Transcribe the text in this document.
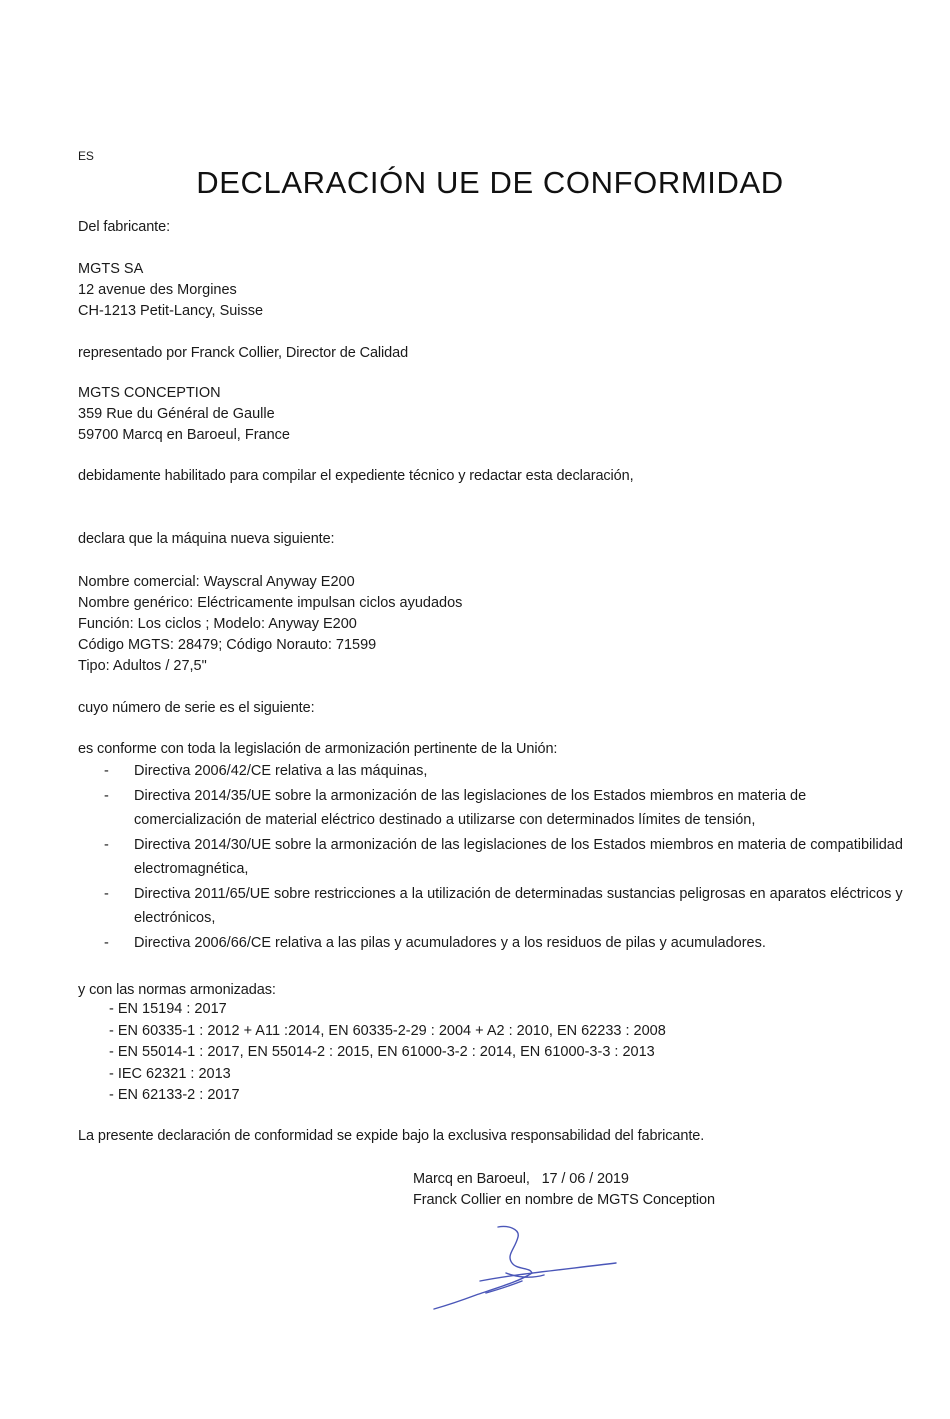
ES
DECLARACIÓN UE DE CONFORMIDAD
Del fabricante:
MGTS SA
12 avenue des Morgines
CH-1213 Petit-Lancy, Suisse
representado por Franck Collier, Director de Calidad
MGTS CONCEPTION
359 Rue du Général de Gaulle
59700 Marcq en Baroeul, France
debidamente habilitado para compilar el expediente técnico y redactar esta declaración,
declara que la máquina nueva siguiente:
Nombre comercial: Wayscral Anyway E200
Nombre genérico: Eléctricamente impulsan ciclos ayudados
Función: Los ciclos ; Modelo: Anyway E200
Código MGTS: 28479; Código Norauto: 71599
Tipo: Adultos / 27,5"
cuyo número de serie es el siguiente:
es conforme con toda la legislación de armonización pertinente de la Unión:
-	Directiva 2006/42/CE relativa a las máquinas,
-	Directiva 2014/35/UE sobre la armonización de las legislaciones de los Estados miembros en materia de comercialización de material eléctrico destinado a utilizarse con determinados límites de tensión,
-	Directiva 2014/30/UE sobre la armonización de las legislaciones de los Estados miembros en materia de compatibilidad electromagnética,
-	Directiva 2011/65/UE sobre restricciones a la utilización de determinadas sustancias peligrosas en aparatos eléctricos y electrónicos,
-	Directiva 2006/66/CE relativa a las pilas y acumuladores y a los residuos de pilas y acumuladores.
y con las normas armonizadas:
- EN 15194 : 2017
- EN 60335-1 : 2012 + A11 :2014, EN 60335-2-29 : 2004 + A2 : 2010, EN 62233 : 2008
- EN 55014-1 : 2017, EN 55014-2 : 2015, EN 61000-3-2 : 2014, EN 61000-3-3 : 2013
- IEC 62321 : 2013
- EN 62133-2 : 2017
La presente declaración de conformidad se expide bajo la exclusiva responsabilidad del fabricante.
Marcq en Baroeul,   17 / 06 / 2019
Franck Collier en nombre de MGTS Conception
